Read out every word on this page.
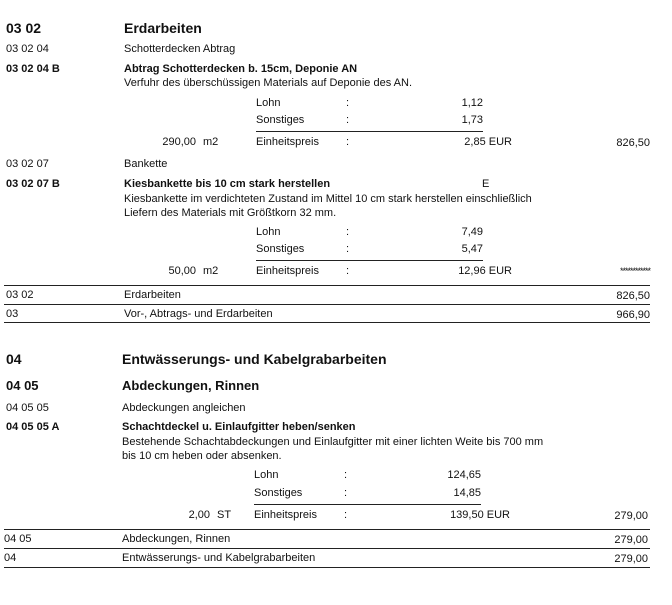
03 02	Erdarbeiten
03 02 04	Schotterdecken Abtrag
03 02 04 B	Abtrag Schotterdecken b. 15cm, Deponie AN
Verfuhr des überschüssigen Materials auf Deponie des AN.
Lohn	:	1,12
Sonstiges	:	1,73
290,00 m2	Einheitspreis :	2,85 EUR	826,50
03 02 07	Bankette
03 02 07 B	Kiesbankette bis 10 cm stark herstellen	E
Kiesbankette im verdichteten Zustand im Mittel 10 cm stark herstellen einschließlich
Liefern des Materials mit Größtkorn 32 mm.
Lohn	:	7,49
Sonstiges	:	5,47
50,00 m2	Einheitspreis :	12,96 EUR	************
03 02	Erdarbeiten	826,50
03	Vor-, Abtrags- und Erdarbeiten	966,90
04	Entwässerungs- und Kabelgrabarbeiten
04 05	Abdeckungen, Rinnen
04 05 05	Abdeckungen angleichen
04 05 05 A	Schachtdeckel u. Einlaufgitter heben/senken
Bestehende Schachtabdeckungen und Einlaufgitter mit einer lichten Weite bis 700 mm
bis 10 cm heben oder absenken.
Lohn	:	124,65
Sonstiges	:	14,85
2,00 ST Einheitspreis :	139,50 EUR	279,00
04 05	Abdeckungen, Rinnen	279,00
04	Entwässerungs- und Kabelgrabarbeiten	279,00
